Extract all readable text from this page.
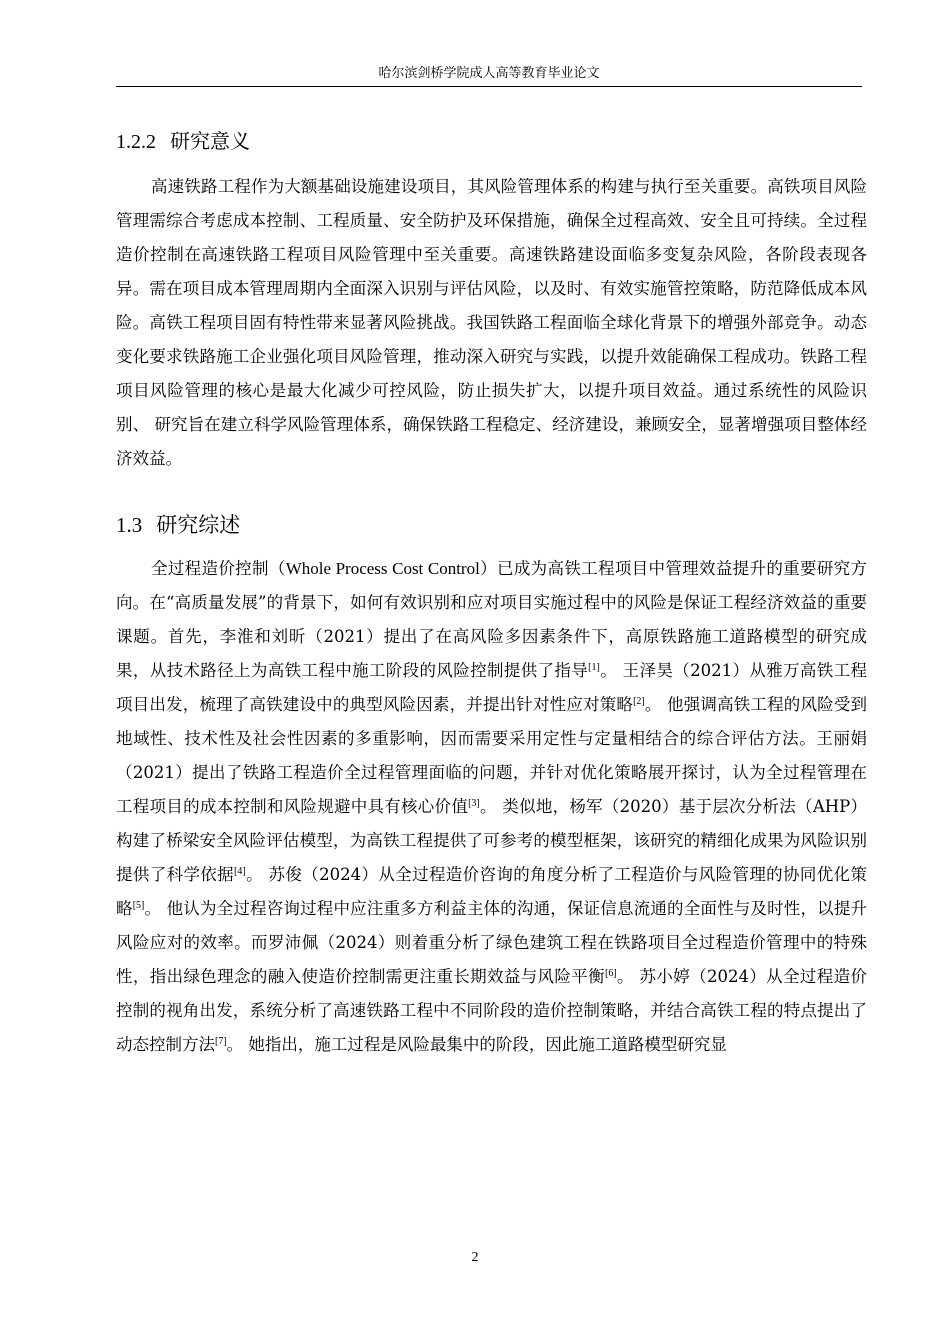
哈尔滨剑桥学院成人高等教育毕业论文
1.2.2 研究意义

高速铁路工程作为大额基础设施建设项目，其风险管理体系的构建与执行至关重要。高铁项目风险管理需综合考虑成本控制、工程质量、安全防护及环保措施，确保全过程高效、安全且可持续。全过程造价控制在高速铁路工程项目风险管理中至关重要。高速铁路建设面临多变复杂风险，各阶段表现各异。需在项目成本管理周期内全面深入识别与评估风险，以及时、有效实施管控策略，防范降低成本风险。高铁工程项目固有特性带来显著风险挑战。我国铁路工程面临全球化背景下的增强外部竞争。动态变化要求铁路施工企业强化项目风险管理，推动深入研究与实践，以提升效能确保工程成功。铁路工程项目风险管理的核心是最大化减少可控风险，防止损失扩大，以提升项目效益。通过系统性的风险识别、 研究旨在建立科学风险管理体系，确保铁路工程稳定、经济建设，兼顾安全，显著增强项目整体经济效益。

1.3 研究综述

全过程造价控制（Whole Process Cost Control）已成为高铁工程项目中管理效益提升的重要研究方向。在“高质量发展”的背景下，如何有效识别和应对项目实施过程中的风险是保证工程经济效益的重要课题。首先，李淮和刘昕（2021）提出了在高风险多因素条件下，高原铁路施工道路模型的研究成果，从技术路径上为高铁工程中施工阶段的风险控制提供了指导[1]。 王泽昊（2021）从雅万高铁工程项目出发，梳理了高铁建设中的典型风险因素，并提出针对性应对策略[2]。 他强调高铁工程的风险受到地域性、技术性及社会性因素的多重影响，因而需要采用定性与定量相结合的综合评估方法。王丽娟（2021）提出了铁路工程造价全过程管理面临的问题，并针对优化策略展开探讨，认为全过程管理在工程项目的成本控制和风险规避中具有核心价值[3]。 类似地，杨军（2020）基于层次分析法（AHP）构建了桥梁安全风险评估模型，为高铁工程提供了可参考的模型框架，该研究的精细化成果为风险识别提供了科学依据[4]。 苏俊（2024）从全过程造价咨询的角度分析了工程造价与风险管理的协同优化策略[5]。 他认为全过程咨询过程中应注重多方利益主体的沟通，保证信息流通的全面性与及时性，以提升风险应对的效率。而罗沛佩（2024）则着重分析了绿色建筑工程在铁路项目全过程造价管理中的特殊性，指出绿色理念的融入使造价控制需更注重长期效益与风险平衡[6]。 苏小婷（2024）从全过程造价控制的视角出发，系统分析了高速铁路工程中不同阶段的造价控制策略，并结合高铁工程的特点提出了动态控制方法[7]。 她指出，施工过程是风险最集中的阶段，因此施工道路模型研究显

2
